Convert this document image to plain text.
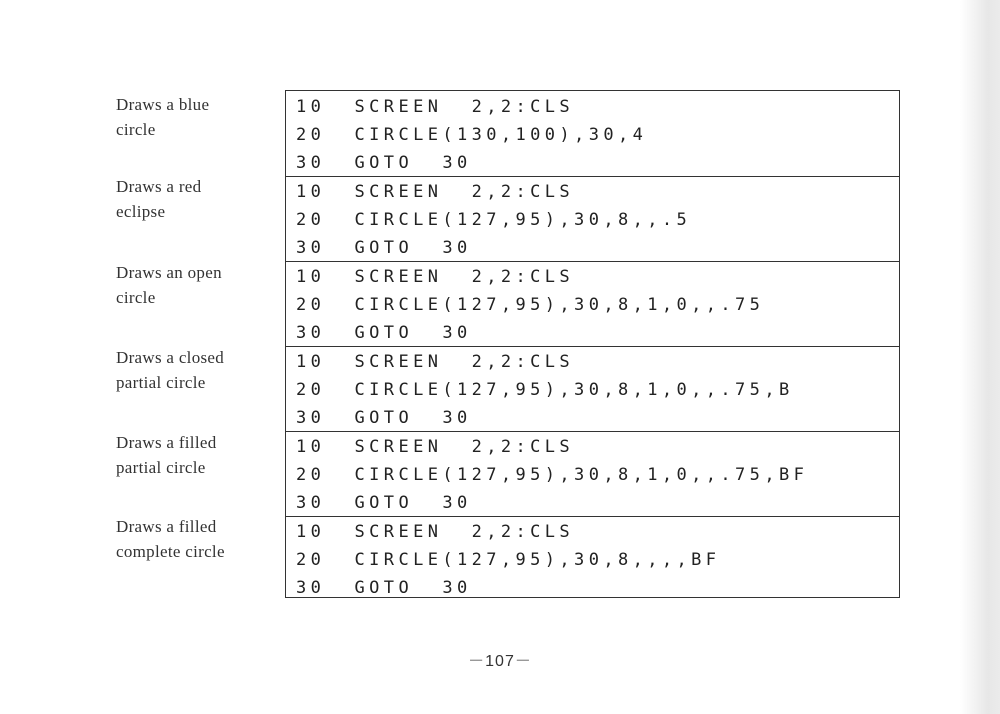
Draws a blue
circle
Draws a red
eclipse
Draws an open
circle
Draws a closed
partial circle
Draws a filled
partial circle
Draws a filled
complete circle
10  SCREEN  2,2:CLS
20  CIRCLE(130,100),30,4
30  GOTO  30
10  SCREEN  2,2:CLS
20  CIRCLE(127,95),30,8,,.5
30  GOTO  30
10  SCREEN  2,2:CLS
20  CIRCLE(127,95),30,8,1,0,,.75
30  GOTO  30
10  SCREEN  2,2:CLS
20  CIRCLE(127,95),30,8,1,0,,.75,B
30  GOTO  30
10  SCREEN  2,2:CLS
20  CIRCLE(127,95),30,8,1,0,,.75,BF
30  GOTO  30
10  SCREEN  2,2:CLS
20  CIRCLE(127,95),30,8,,,,BF
30  GOTO  30
－107－
